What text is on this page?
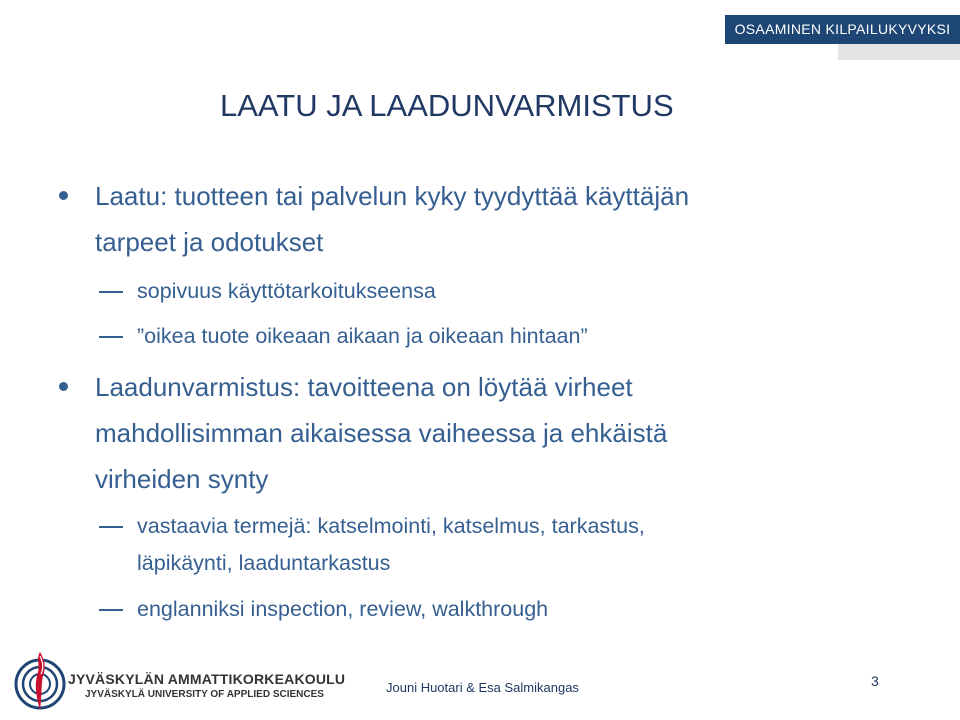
OSAAMINEN KILPAILUKYVYKSI
LAATU JA LAADUNVARMISTUS
Laatu: tuotteen tai palvelun kyky tyydyttää käyttäjän
tarpeet ja odotukset
sopivuus käyttötarkoitukseensa
”oikea tuote oikeaan aikaan ja oikeaan hintaan”
Laadunvarmistus: tavoitteena on löytää virheet
mahdollisimman aikaisessa vaiheessa ja ehkäistä
virheiden synty
vastaavia termejä: katselmointi, katselmus, tarkastus,
läpikäynti, laaduntarkastus
englanniksi inspection, review, walkthrough
JYVÄSKYLÄN AMMATTIKORKEAKOULU
JYVÄSKYLÄ UNIVERSITY OF APPLIED SCIENCES	Jouni Huotari & Esa Salmikangas	3
